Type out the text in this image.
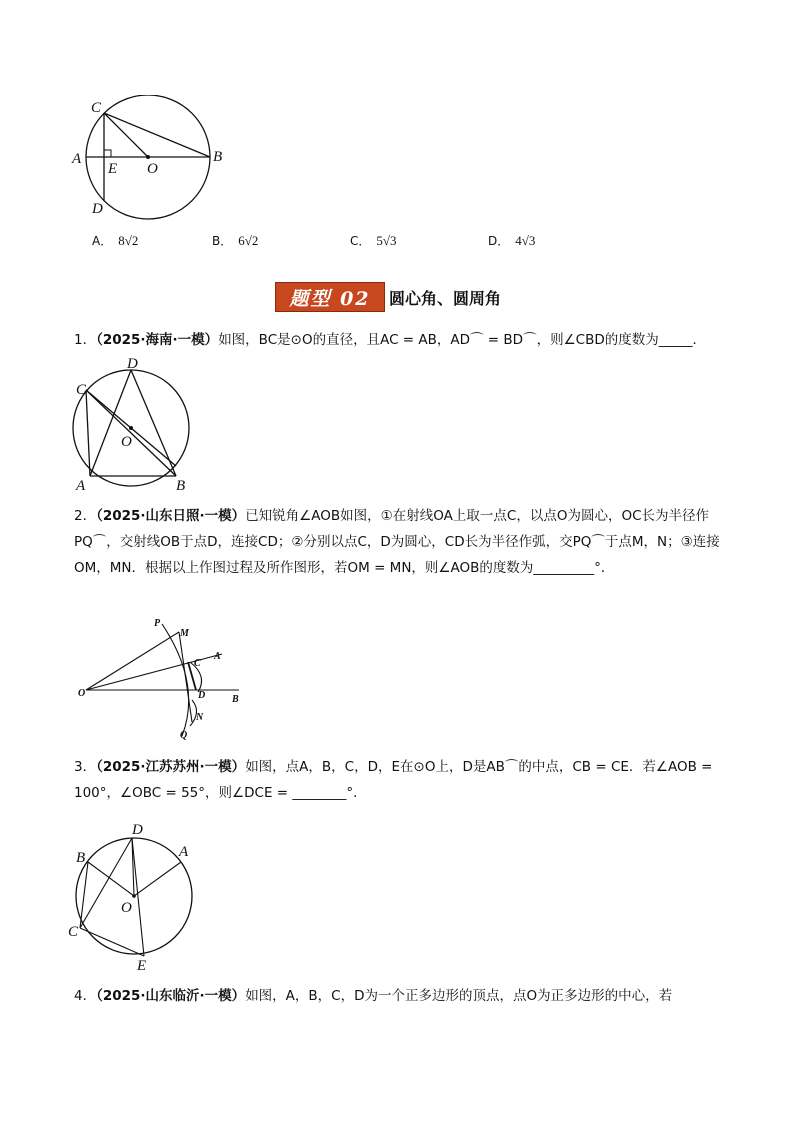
C
A
E O
B
D
A． 8√2	B． 6√2	C． 5√3	D． 4√3
题型 02	圆心角、圆周角
1．（2025·海南·一模）如图，BC是⊙O的直径，且AC = AB，AD⌒ = BD⌒，则∠CBD的度数为_____．
C
D
O
A	B
2．（2025·山东日照·一模）已知锐角∠AOB如图，①在射线OA上取一点C，以点O为圆心，OC长为半径作PQ⌒，交射线OB于点D，连接CD；②分别以点C，D为圆心，CD长为半径作弧，交PQ⌒于点M，N；③连接OM，MN．根据以上作图过程及所作图形，若OM = MN，则∠AOB的度数为_________°．
P
M
A
C
O	D	B
N
Q
3．（2025·江苏苏州·一模）如图，点A，B，C，D，E在⊙O上，D是AB⌒的中点，CB = CE．若∠AOB = 100°，∠OBC = 55°，则∠DCE = ________°．
D
A
B
O
C
E
4．（2025·山东临沂·一模）如图，A，B，C，D为一个正多边形的顶点，点O为正多边形的中心，若
